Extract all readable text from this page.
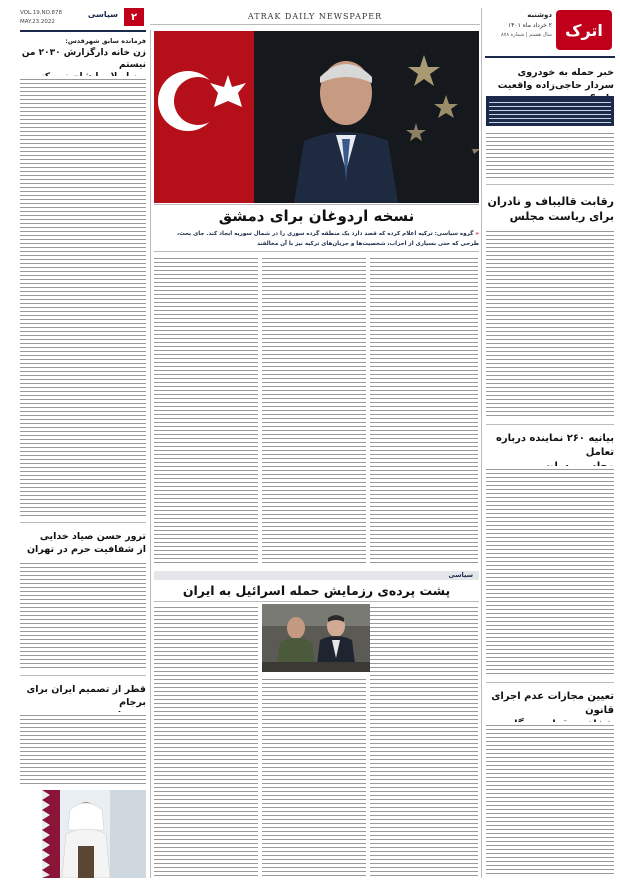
اترک
دوشنبه
۲ خرداد ماه ۱۴۰۱
سال هشتم | شماره ۸۷۸
خبر حمله به خودروی
سردار حاجی‌زاده واقعیت
رقابت قالیباف و نادران
برای ریاست مجلس
بیانیه ۲۶۰ نماینده درباره تعامل

تعیین مجازات عدم اجرای قانون

ATRAK DAILY NEWSPAPER
VOL.19,NO.878
MAY.23.2022
سیاسی	۲
فرمانده سابق شهرقدس:
زن خانه دارگزارش ۲۰۳۰ من نیستم

ترور حسن صیاد خدایی
از شفافیت حرم در تهران
قطر از تصمیم ایران برای برجام

نسخه اردوغان برای دمشق
« گروه سیاسی: ترکیه اعلام کرده که قصد دارد یک منطقه گرده سوری را در شمال سوریه ایجاد کند. جای بحث،
طرحی که حتی بسیاری از احزاب، شخصیت‌ها و جریان‌های ترکیه نیز با آن مخالفند
سیاسی
پشت پرده‌ی رزمایش حمله اسرائیل به ایران
